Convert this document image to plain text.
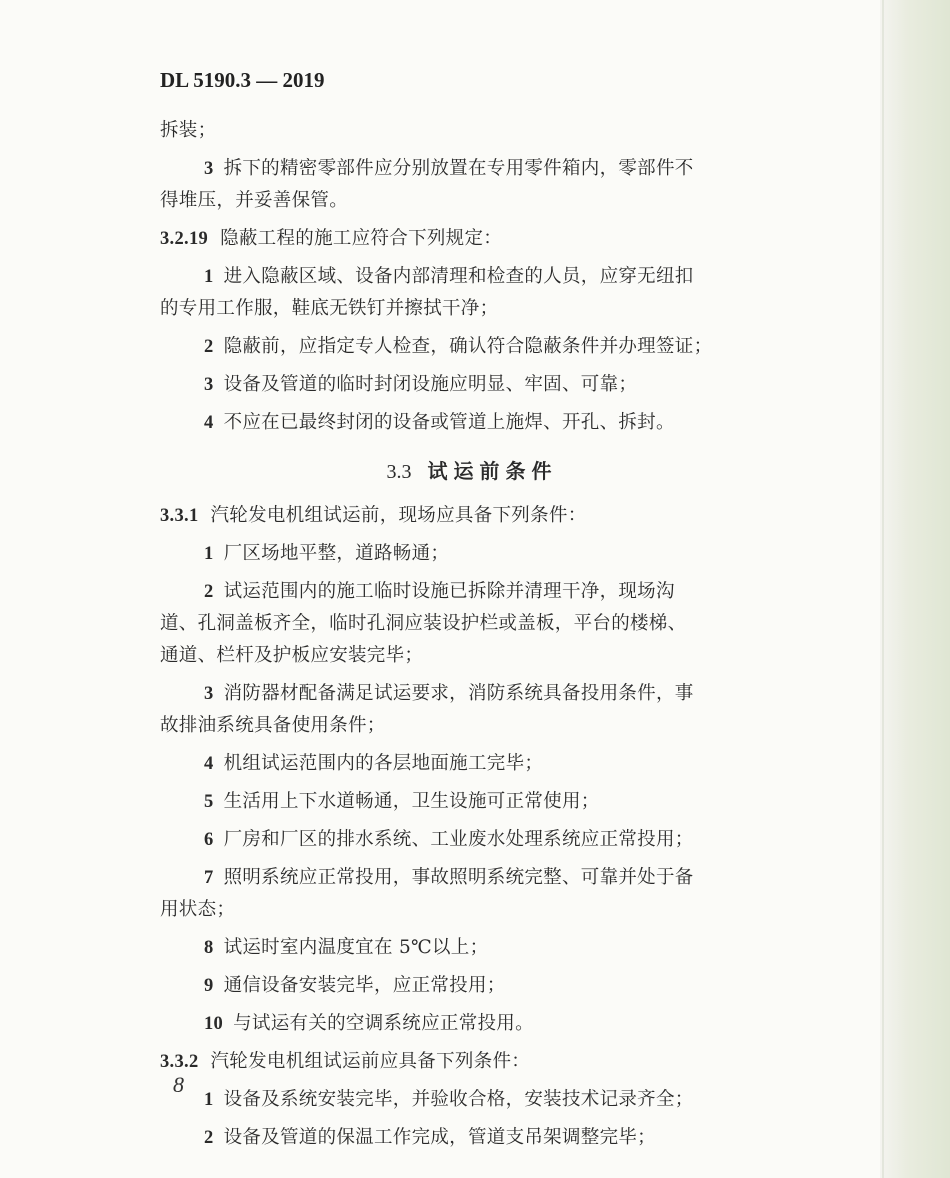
DL 5190.3 — 2019

拆装；

3 拆下的精密零部件应分别放置在专用零件箱内，零部件不

得堆压，并妥善保管。

3.2.19 隐蔽工程的施工应符合下列规定：

1 进入隐蔽区域、设备内部清理和检查的人员，应穿无纽扣

的专用工作服，鞋底无铁钉并擦拭干净；

2 隐蔽前，应指定专人检查，确认符合隐蔽条件并办理签证；

3 设备及管道的临时封闭设施应明显、牢固、可靠；

4 不应在已最终封闭的设备或管道上施焊、开孔、拆封。

3.3 试运前条件

3.3.1 汽轮发电机组试运前，现场应具备下列条件：

1 厂区场地平整，道路畅通；

2 试运范围内的施工临时设施已拆除并清理干净，现场沟

道、孔洞盖板齐全，临时孔洞应装设护栏或盖板，平台的楼梯、

通道、栏杆及护板应安装完毕；

3 消防器材配备满足试运要求，消防系统具备投用条件，事

故排油系统具备使用条件；

4 机组试运范围内的各层地面施工完毕；

5 生活用上下水道畅通，卫生设施可正常使用；

6 厂房和厂区的排水系统、工业废水处理系统应正常投用；

7 照明系统应正常投用，事故照明系统完整、可靠并处于备

用状态；

8 试运时室内温度宜在 5℃以上；

9 通信设备安装完毕，应正常投用；

10 与试运有关的空调系统应正常投用。

3.3.2 汽轮发电机组试运前应具备下列条件：

1 设备及系统安装完毕，并验收合格，安装技术记录齐全；

2 设备及管道的保温工作完成，管道支吊架调整完毕；

8
